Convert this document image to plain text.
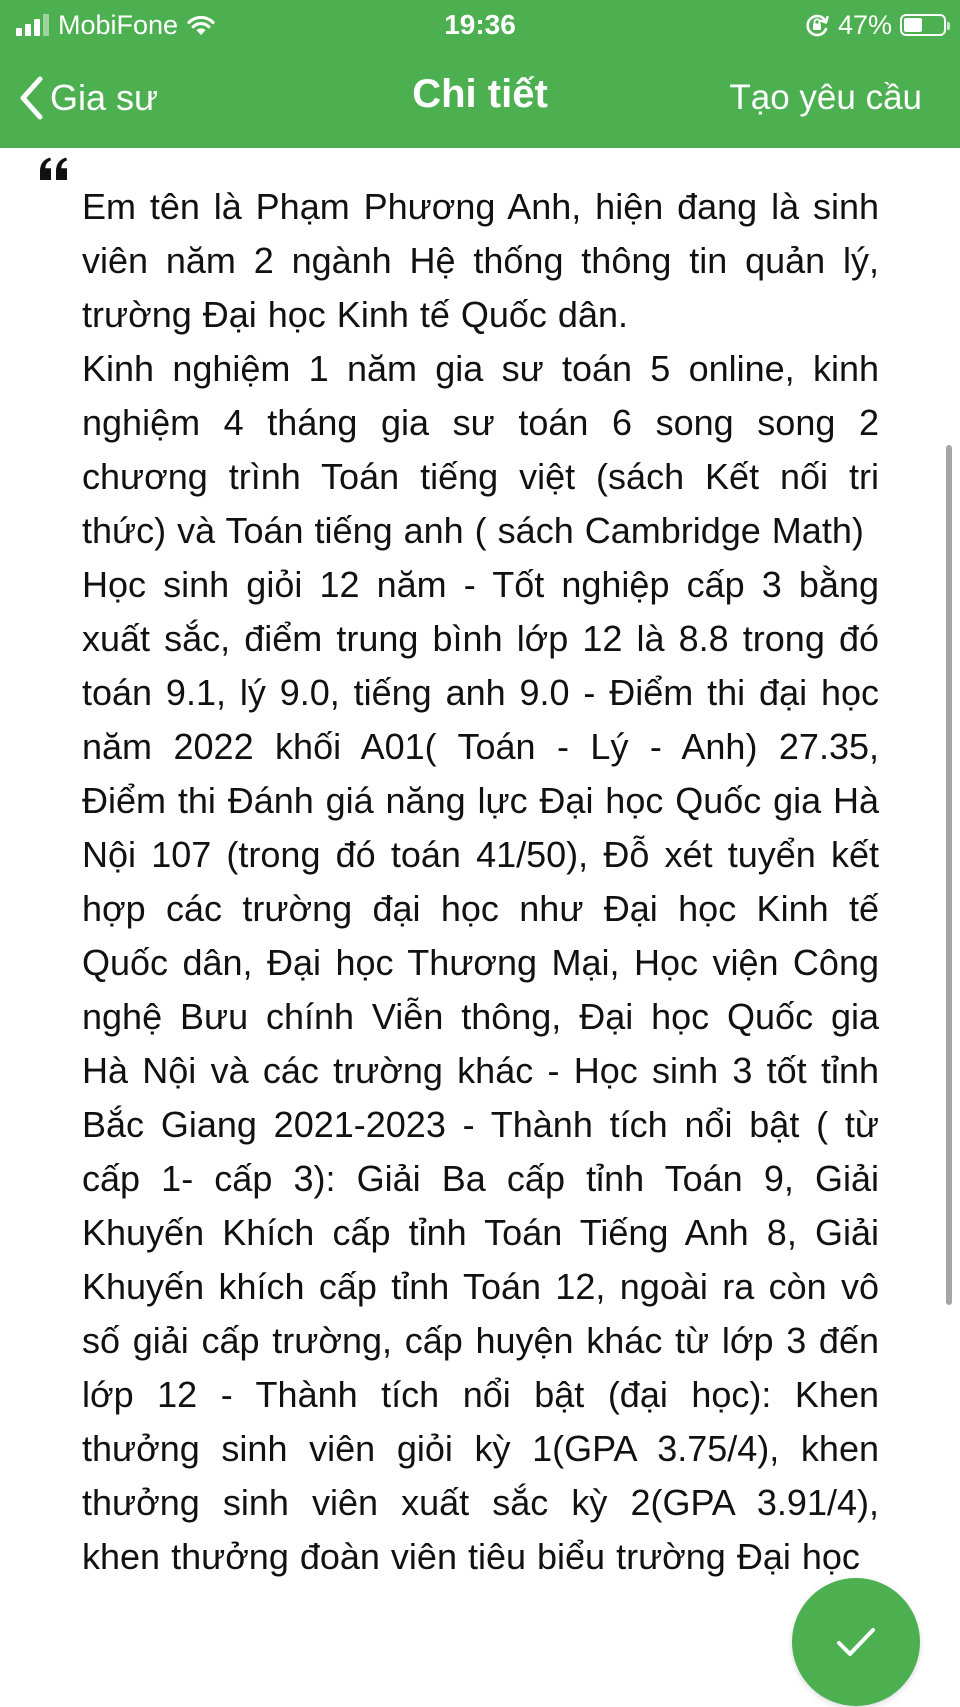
MobiFone	19:36	47%
Gia sư	Chi tiết	Tạo yêu cầu

Em tên là Phạm Phương Anh, hiện đang là sinh viên năm 2 ngành Hệ thống thông tin quản lý, trường Đại học Kinh tế Quốc dân.

Kinh nghiệm 1 năm gia sư toán 5 online, kinh nghiệm 4 tháng gia sư toán 6 song song 2 chương trình Toán tiếng việt (sách Kết nối tri thức) và Toán tiếng anh ( sách Cambridge Math)

Học sinh giỏi 12 năm - Tốt nghiệp cấp 3 bằng xuất sắc, điểm trung bình lớp 12 là 8.8 trong đó toán 9.1, lý 9.0, tiếng anh 9.0 - Điểm thi đại học năm 2022 khối A01( Toán - Lý - Anh) 27.35, Điểm thi Đánh giá năng lực Đại học Quốc gia Hà Nội 107 (trong đó toán 41/50), Đỗ xét tuyển kết hợp các trường đại học như Đại học Kinh tế Quốc dân, Đại học Thương Mại, Học viện Công nghệ Bưu chính Viễn thông, Đại học Quốc gia Hà Nội và các trường khác - Học sinh 3 tốt tỉnh Bắc Giang 2021-2023 - Thành tích nổi bật ( từ cấp 1- cấp 3): Giải Ba cấp tỉnh Toán 9, Giải Khuyến Khích cấp tỉnh Toán Tiếng Anh 8, Giải Khuyến khích cấp tỉnh Toán 12, ngoài ra còn vô số giải cấp trường, cấp huyện khác từ lớp 3 đến lớp 12 - Thành tích nổi bật (đại học): Khen thưởng sinh viên giỏi kỳ 1(GPA 3.75/4), khen thưởng sinh viên xuất sắc kỳ 2(GPA 3.91/4), khen thưởng đoàn viên tiêu biểu trường Đại học
